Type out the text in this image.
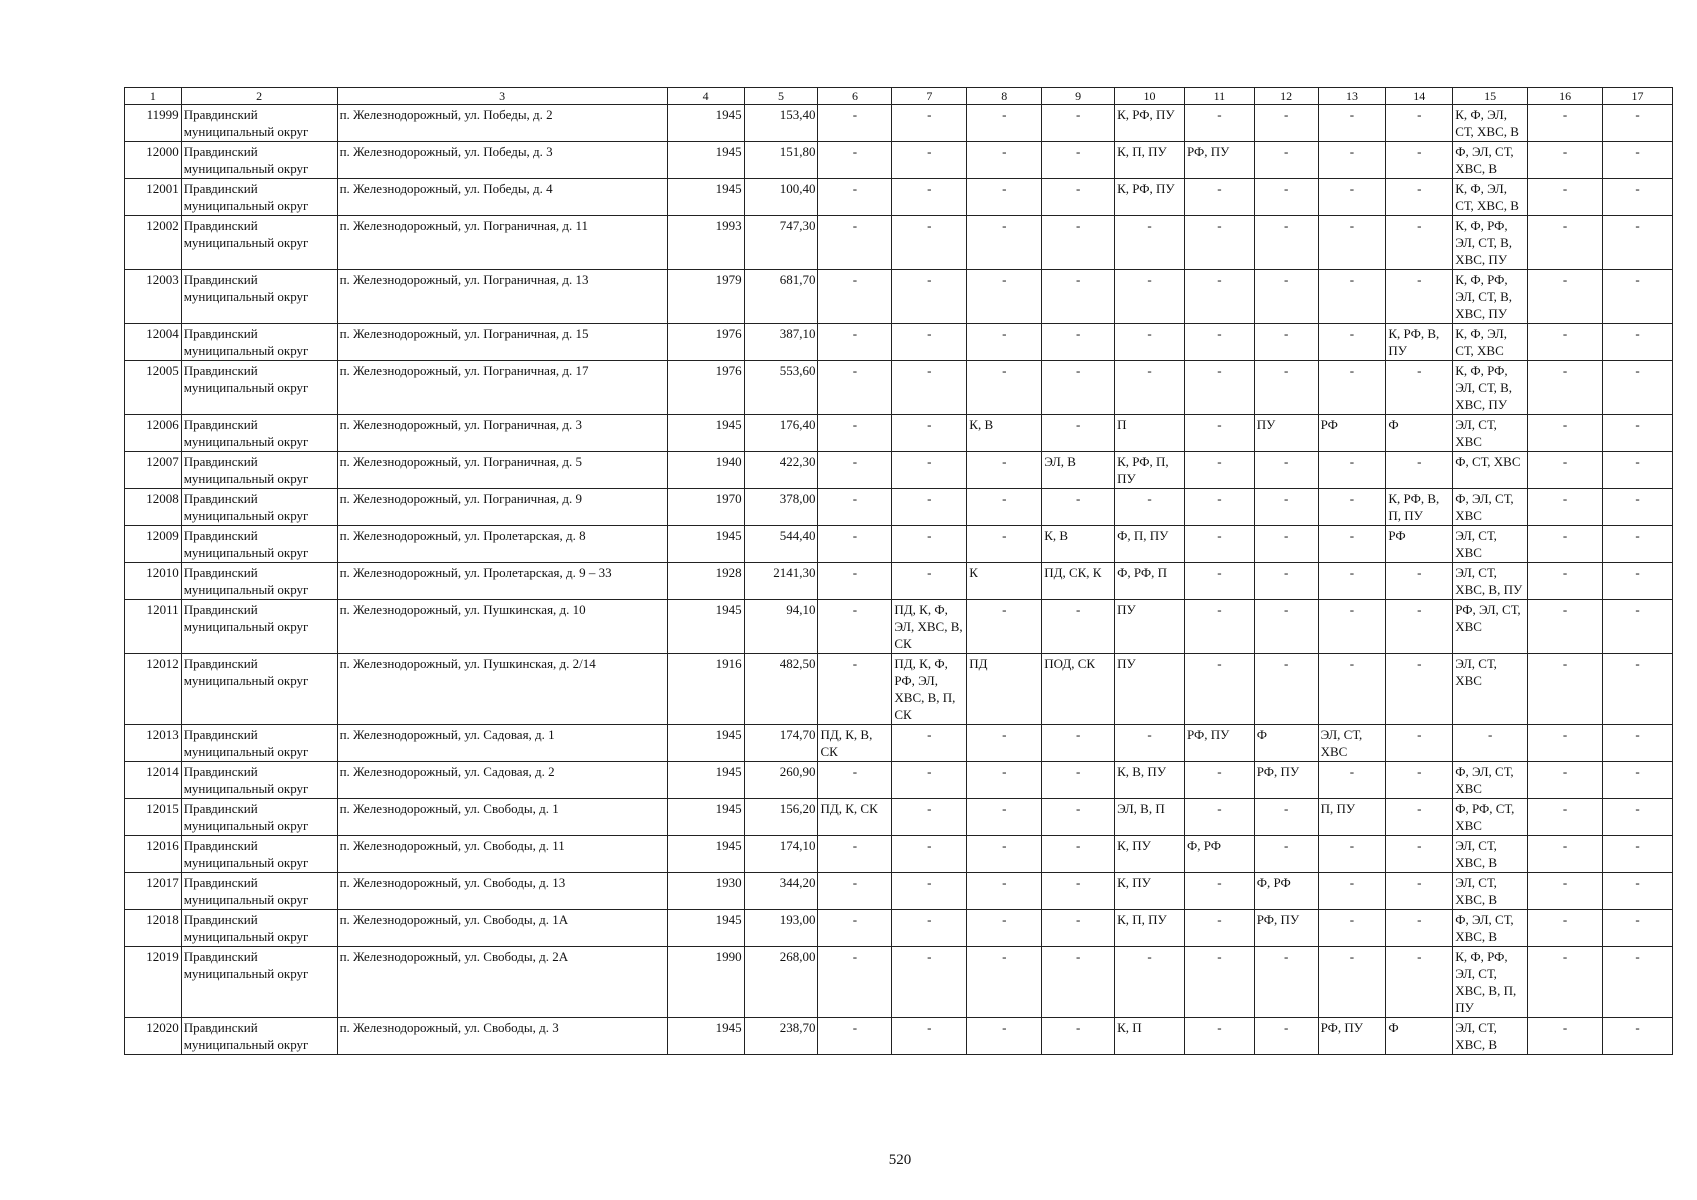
1	2	3	4	5	6	7	8	9	10	11	12	13	14	15	16	17
11999	Правдинский муниципальный округ	п. Железнодорожный, ул. Победы, д. 2	1945	153,40	-	-	-	-	К, РФ, ПУ	-	-	-	-	К, Ф, ЭЛ, СТ, ХВС, В	-	-
12000	Правдинский муниципальный округ	п. Железнодорожный, ул. Победы, д. 3	1945	151,80	-	-	-	-	К, П, ПУ	РФ, ПУ	-	-	-	Ф, ЭЛ, СТ, ХВС, В	-	-
12001	Правдинский муниципальный округ	п. Железнодорожный, ул. Победы, д. 4	1945	100,40	-	-	-	-	К, РФ, ПУ	-	-	-	-	К, Ф, ЭЛ, СТ, ХВС, В	-	-
12002	Правдинский муниципальный округ	п. Железнодорожный, ул. Пограничная, д. 11	1993	747,30	-	-	-	-	-	-	-	-	-	К, Ф, РФ, ЭЛ, СТ, В, ХВС, ПУ	-	-
12003	Правдинский муниципальный округ	п. Железнодорожный, ул. Пограничная, д. 13	1979	681,70	-	-	-	-	-	-	-	-	-	К, Ф, РФ, ЭЛ, СТ, В, ХВС, ПУ	-	-
12004	Правдинский муниципальный округ	п. Железнодорожный, ул. Пограничная, д. 15	1976	387,10	-	-	-	-	-	-	-	-	К, РФ, В, ПУ	К, Ф, ЭЛ, СТ, ХВС	-	-
12005	Правдинский муниципальный округ	п. Железнодорожный, ул. Пограничная, д. 17	1976	553,60	-	-	-	-	-	-	-	-	-	К, Ф, РФ, ЭЛ, СТ, В, ХВС, ПУ	-	-
12006	Правдинский муниципальный округ	п. Железнодорожный, ул. Пограничная, д. 3	1945	176,40	-	-	К, В	-	П	-	ПУ	РФ	Ф	ЭЛ, СТ, ХВС	-	-
12007	Правдинский муниципальный округ	п. Железнодорожный, ул. Пограничная, д. 5	1940	422,30	-	-	-	ЭЛ, В	К, РФ, П, ПУ	-	-	-	-	Ф, СТ, ХВС	-	-
12008	Правдинский муниципальный округ	п. Железнодорожный, ул. Пограничная, д. 9	1970	378,00	-	-	-	-	-	-	-	-	К, РФ, В, П, ПУ	Ф, ЭЛ, СТ, ХВС	-	-
12009	Правдинский муниципальный округ	п. Железнодорожный, ул. Пролетарская, д. 8	1945	544,40	-	-	-	К, В	Ф, П, ПУ	-	-	-	РФ	ЭЛ, СТ, ХВС	-	-
12010	Правдинский муниципальный округ	п. Железнодорожный, ул. Пролетарская, д. 9 – 33	1928	2141,30	-	-	К	ПД, СК, К	Ф, РФ, П	-	-	-	-	ЭЛ, СТ, ХВС, В, ПУ	-	-
12011	Правдинский муниципальный округ	п. Железнодорожный, ул. Пушкинская, д. 10	1945	94,10	-	ПД, К, Ф, ЭЛ, ХВС, В, СК	-	-	ПУ	-	-	-	-	РФ, ЭЛ, СТ, ХВС	-	-
12012	Правдинский муниципальный округ	п. Железнодорожный, ул. Пушкинская, д. 2/14	1916	482,50	-	ПД, К, Ф, РФ, ЭЛ, ХВС, В, П, СК	ПД	ПОД, СК	ПУ	-	-	-	-	ЭЛ, СТ, ХВС	-	-
12013	Правдинский муниципальный округ	п. Железнодорожный, ул. Садовая, д. 1	1945	174,70	ПД, К, В, СК	-	-	-	-	РФ, ПУ	Ф	ЭЛ, СТ, ХВС	-	-	-	-
12014	Правдинский муниципальный округ	п. Железнодорожный, ул. Садовая, д. 2	1945	260,90	-	-	-	-	К, В, ПУ	-	РФ, ПУ	-	-	Ф, ЭЛ, СТ, ХВС	-	-
12015	Правдинский муниципальный округ	п. Железнодорожный, ул. Свободы, д. 1	1945	156,20	ПД, К, СК	-	-	-	ЭЛ, В, П	-	-	П, ПУ	-	Ф, РФ, СТ, ХВС	-	-
12016	Правдинский муниципальный округ	п. Железнодорожный, ул. Свободы, д. 11	1945	174,10	-	-	-	-	К, ПУ	Ф, РФ	-	-	-	ЭЛ, СТ, ХВС, В	-	-
12017	Правдинский муниципальный округ	п. Железнодорожный, ул. Свободы, д. 13	1930	344,20	-	-	-	-	К, ПУ	-	Ф, РФ	-	-	ЭЛ, СТ, ХВС, В	-	-
12018	Правдинский муниципальный округ	п. Железнодорожный, ул. Свободы, д. 1А	1945	193,00	-	-	-	-	К, П, ПУ	-	РФ, ПУ	-	-	Ф, ЭЛ, СТ, ХВС, В	-	-
12019	Правдинский муниципальный округ	п. Железнодорожный, ул. Свободы, д. 2А	1990	268,00	-	-	-	-	-	-	-	-	-	К, Ф, РФ, ЭЛ, СТ, ХВС, В, П, ПУ	-	-
12020	Правдинский муниципальный округ	п. Железнодорожный, ул. Свободы, д. 3	1945	238,70	-	-	-	-	К, П	-	-	РФ, ПУ	Ф	ЭЛ, СТ, ХВС, В	-	-
520
